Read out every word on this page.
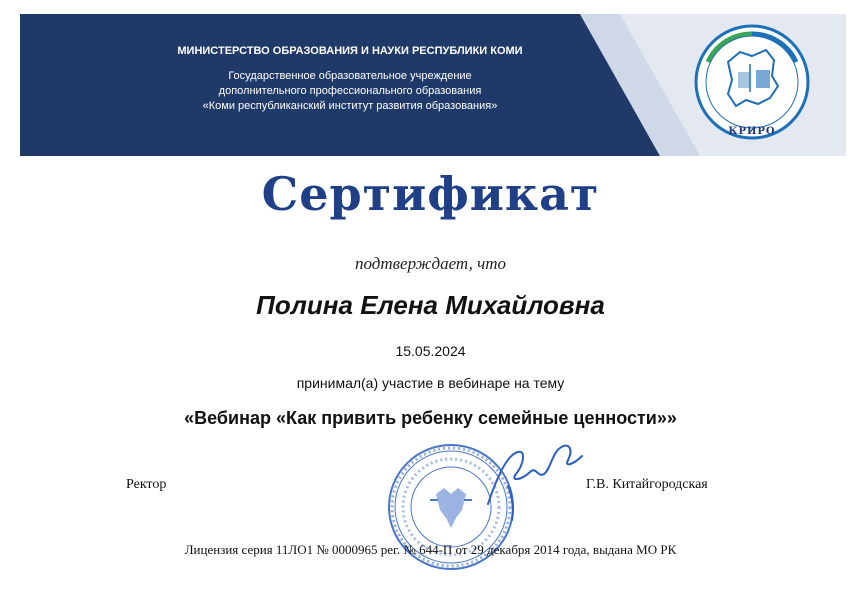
МИНИСТЕРСТВО ОБРАЗОВАНИЯ И НАУКИ РЕСПУБЛИКИ КОМИ
Государственное образовательное учреждение
дополнительного профессионального образования
«Коми республиканский институт развития образования»
КРИРО
Сертификат
подтверждает, что
Полина Елена Михайловна
15.05.2024
принимал(а) участие в вебинаре на тему
«Вебинар «Как привить ребенку семейные ценности»»
Ректор	Г.В. Китайгородская
Лицензия серия 11ЛО1 № 0000965 рег. № 644-П от 29 декабря 2014 года, выдана МО РК
